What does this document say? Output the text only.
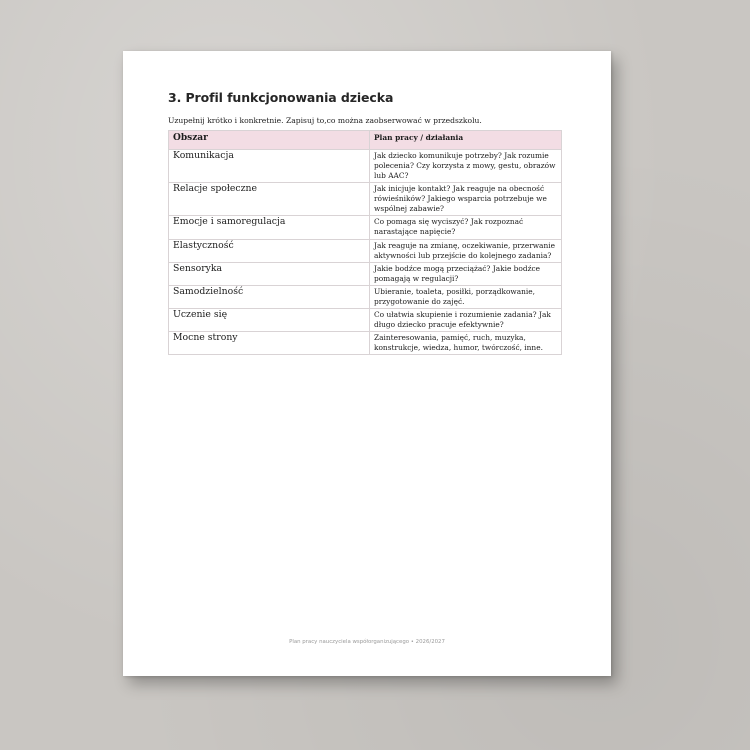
3. Profil funkcjonowania dziecka

Uzupełnij krótko i konkretnie. Zapisuj to,co można zaobserwować w przedszkolu.

Obszar	Plan pracy / działania
Komunikacja	Jak dziecko komunikuje potrzeby? Jak rozumie polecenia? Czy korzysta z mowy, gestu, obrazów lub AAC?
Relacje społeczne	Jak inicjuje kontakt? Jak reaguje na obecność rówieśników? Jakiego wsparcia potrzebuje we wspólnej zabawie?
Emocje i samoregulacja	Co pomaga się wyciszyć? Jak rozpoznać narastające napięcie?
Elastyczność	Jak reaguje na zmianę, oczekiwanie, przerwanie aktywności lub przejście do kolejnego zadania?
Sensoryka	Jakie bodźce mogą przeciążać? Jakie bodźce pomagają w regulacji?
Samodzielność	Ubieranie, toaleta, posiłki, porządkowanie, przygotowanie do zajęć.
Uczenie się	Co ułatwia skupienie i rozumienie zadania? Jak długo dziecko pracuje efektywnie?
Mocne strony	Zainteresowania, pamięć, ruch, muzyka, konstrukcje, wiedza, humor, twórczość, inne.
Plan pracy nauczyciela współorganizującego • 2026/2027
